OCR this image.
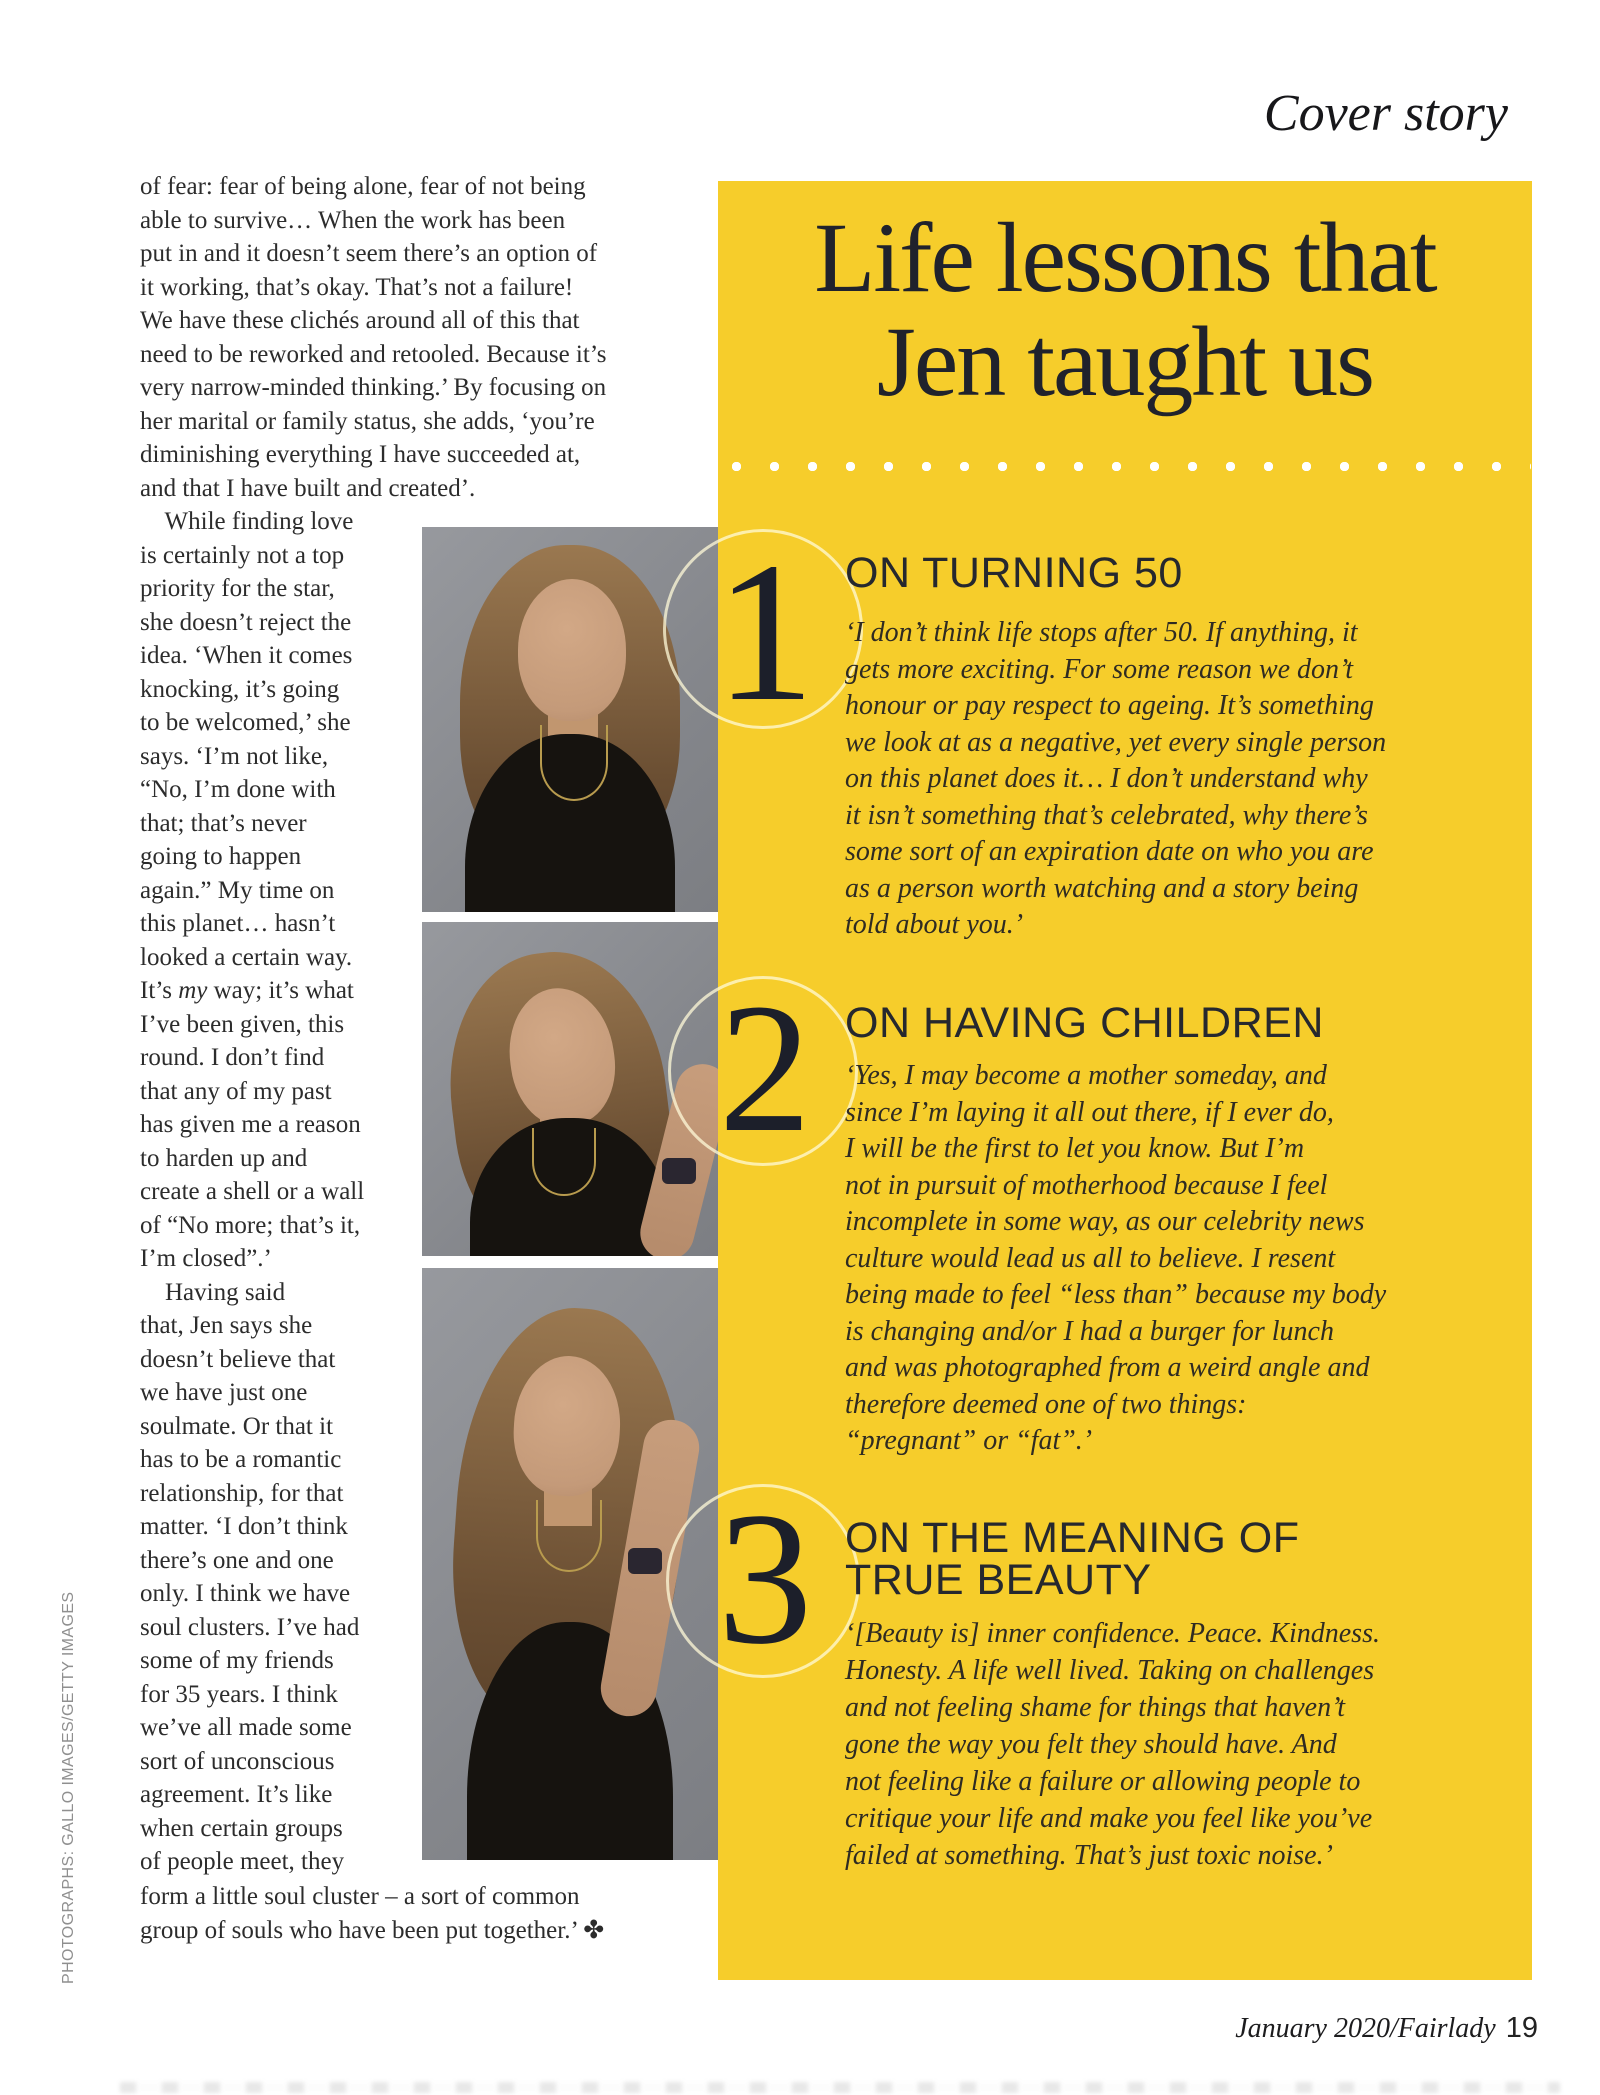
Cover story
of fear: fear of being alone, fear of not being
able to survive… When the work has been
put in and it doesn’t seem there’s an option of
it working, that’s okay. That’s not a failure!
We have these clichés around all of this that
need to be reworked and retooled. Because it’s
very narrow-minded thinking.’ By focusing on
her marital or family status, she adds, ‘you’re
diminishing everything I have succeeded at,
and that I have built and created’.
While finding love
is certainly not a top
priority for the star,
she doesn’t reject the
idea. ‘When it comes
knocking, it’s going
to be welcomed,’ she
says. ‘I’m not like,
“No, I’m done with
that; that’s never
going to happen
again.” My time on
this planet… hasn’t
looked a certain way.
It’s my way; it’s what
I’ve been given, this
round. I don’t find
that any of my past
has given me a reason
to harden up and
create a shell or a wall
of “No more; that’s it,
I’m closed”.’
Having said
that, Jen says she
doesn’t believe that
we have just one
soulmate. Or that it
has to be a romantic
relationship, for that
matter. ‘I don’t think
there’s one and one
only. I think we have
soul clusters. I’ve had
some of my friends
for 35 years. I think
we’ve all made some
sort of unconscious
agreement. It’s like
when certain groups
of people meet, they
form a little soul cluster – a sort of common
group of souls who have been put together.’ ✤
PHOTOGRAPHS: GALLO IMAGES/GETTY IMAGES
Life lessons that
Jen taught us
1
2
3
ON TURNING 50
ON HAVING CHILDREN
ON THE MEANING OF
TRUE BEAUTY
‘I don’t think life stops after 50. If anything, it
gets more exciting. For some reason we don’t
honour or pay respect to ageing. It’s something
we look at as a negative, yet every single person
on this planet does it… I don’t understand why
it isn’t something that’s celebrated, why there’s
some sort of an expiration date on who you are
as a person worth watching and a story being
told about you.’
‘Yes, I may become a mother someday, and
since I’m laying it all out there, if I ever do,
I will be the first to let you know. But I’m
not in pursuit of motherhood because I feel
incomplete in some way, as our celebrity news
culture would lead us all to believe. I resent
being made to feel “less than” because my body
is changing and/or I had a burger for lunch
and was photographed from a weird angle and
therefore deemed one of two things:
“pregnant” or “fat”.’
‘[Beauty is] inner confidence. Peace. Kindness.
Honesty. A life well lived. Taking on challenges
and not feeling shame for things that haven’t
gone the way you felt they should have. And
not feeling like a failure or allowing people to
critique your life and make you feel like you’ve
failed at something. That’s just toxic noise.’
January 2020/Fairlady 19
